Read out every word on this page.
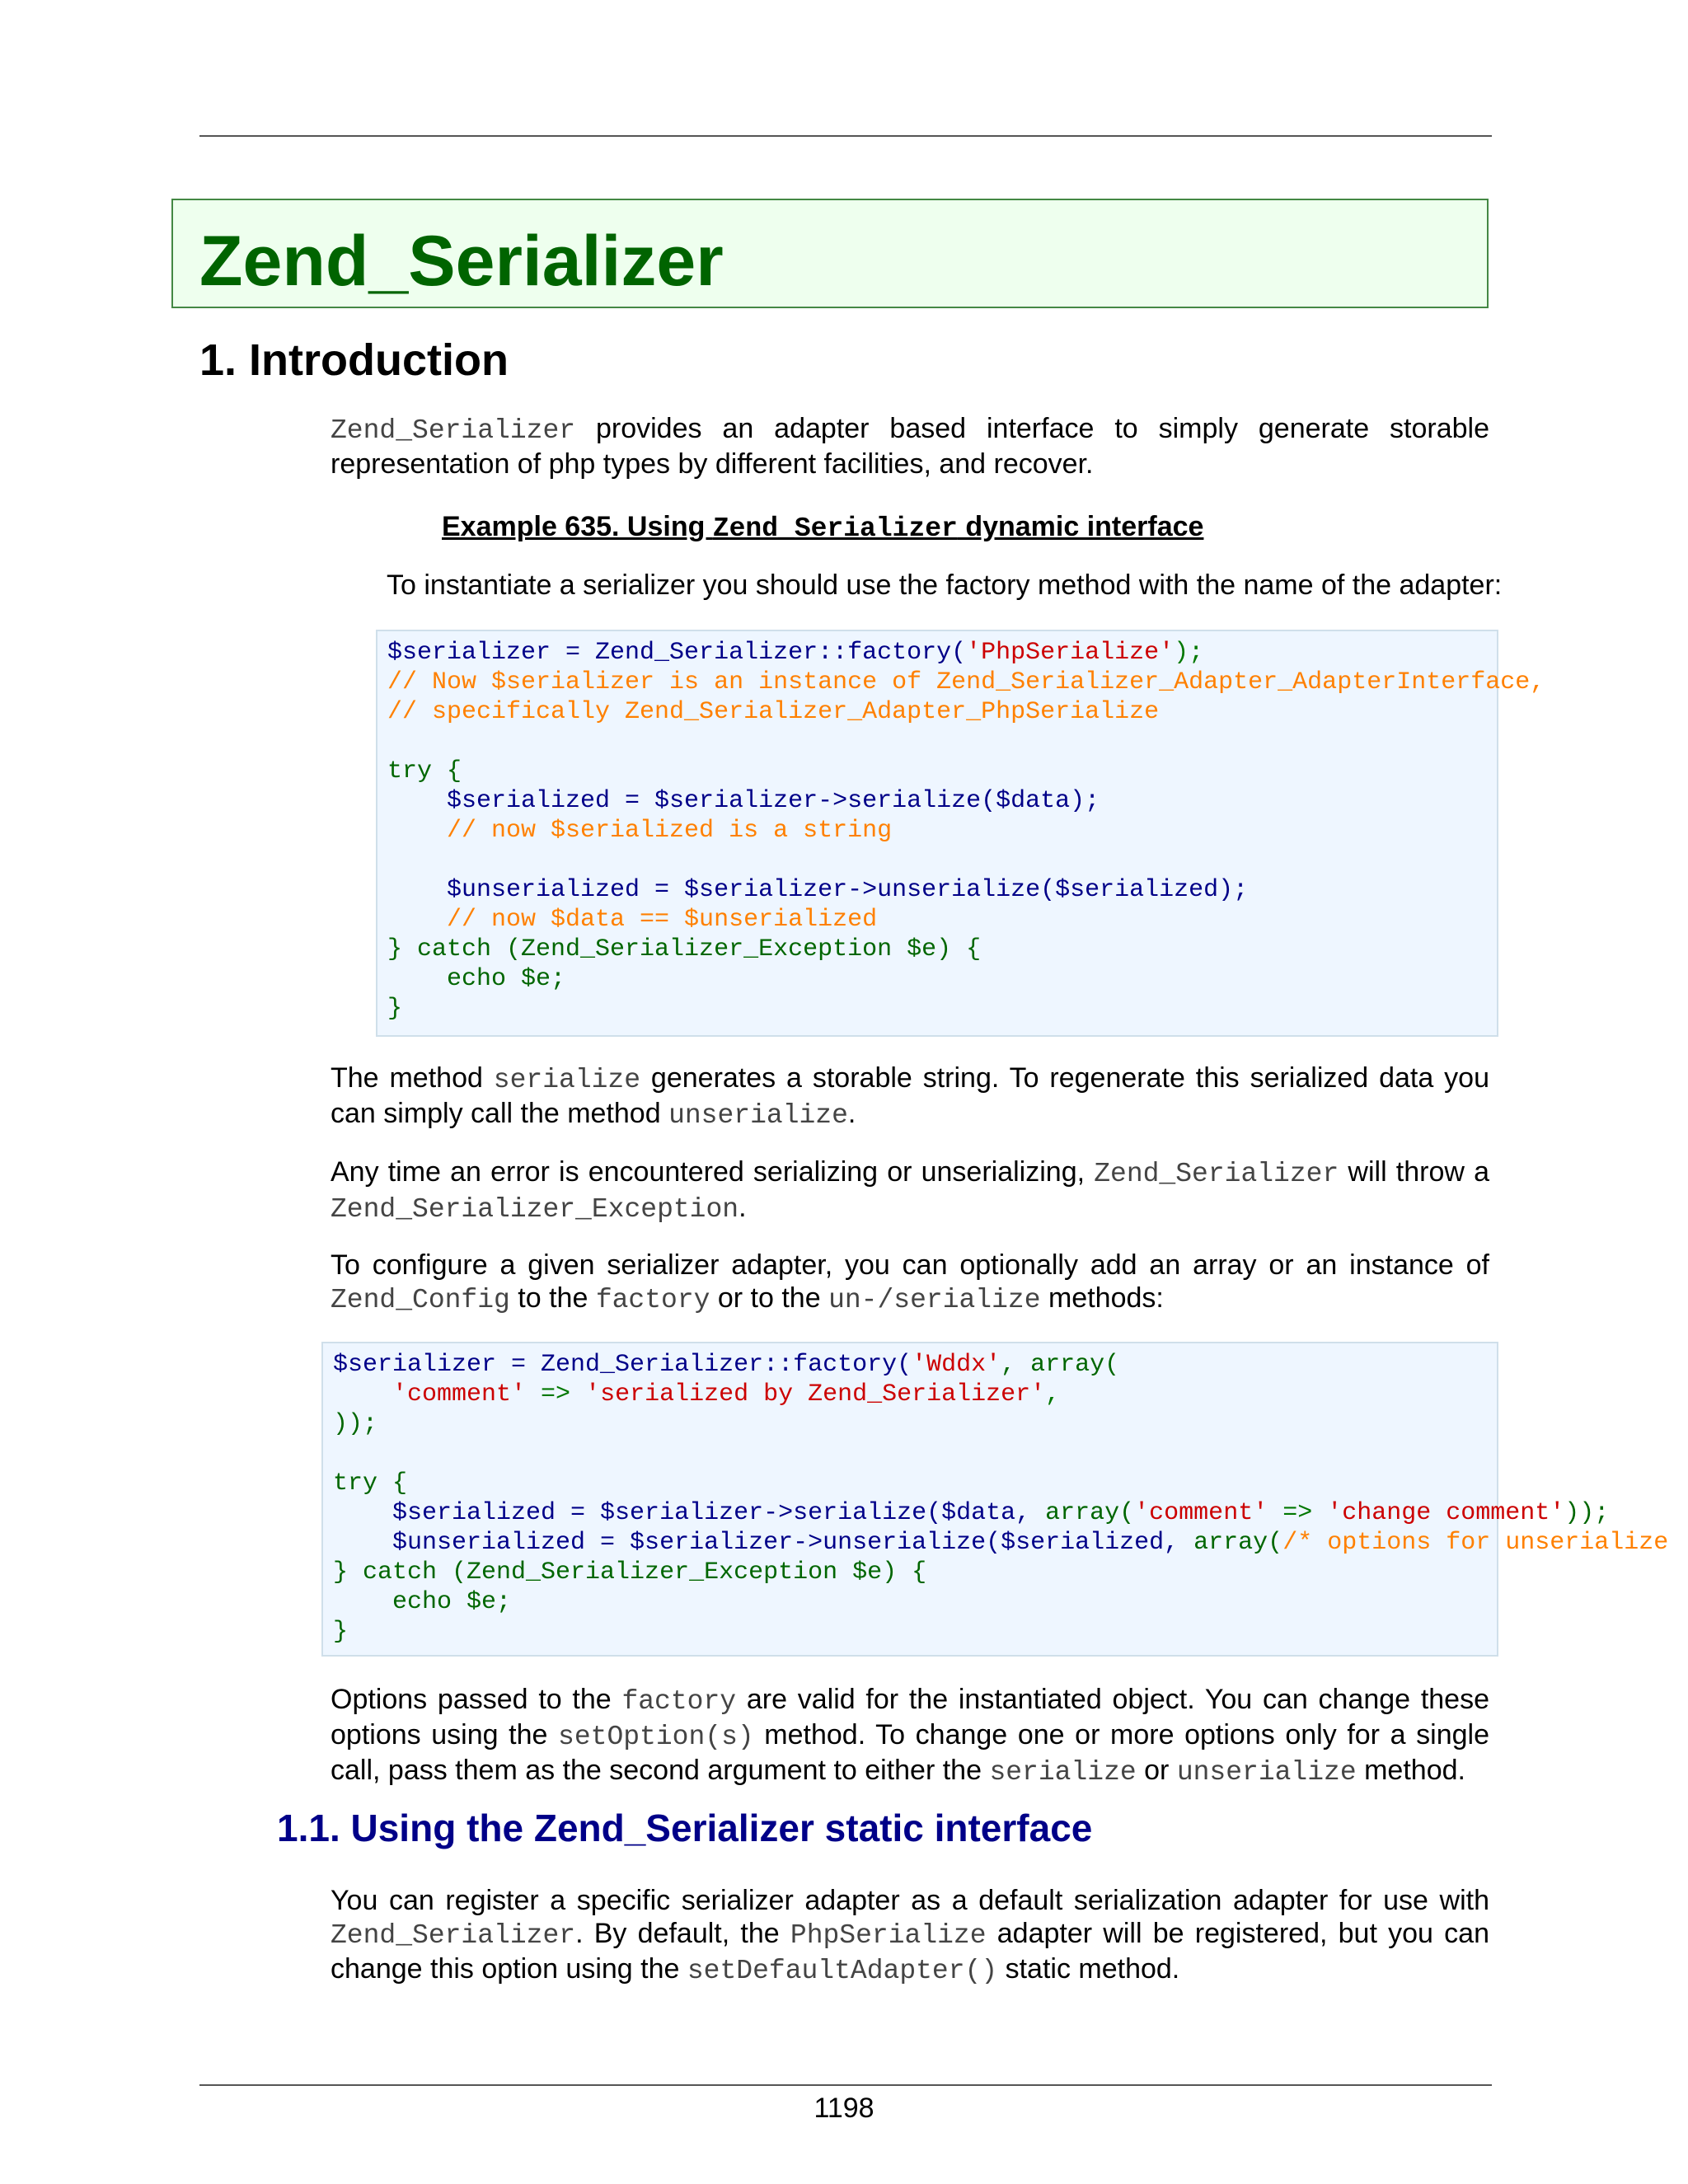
Zend_Serializer
1. Introduction

Zend_Serializer provides an adapter based interface to simply generate storable representation of php types by different facilities, and recover.

Example 635. Using Zend_Serializer dynamic interface

To instantiate a serializer you should use the factory method with the name of the adapter:

$serializer = Zend_Serializer::factory('PhpSerialize');
// Now $serializer is an instance of Zend_Serializer_Adapter_AdapterInterface,
// specifically Zend_Serializer_Adapter_PhpSerialize

try {
$serialized = $serializer->serialize($data);
// now $serialized is a string

$unserialized = $serializer->unserialize($serialized);
// now $data == $unserialized
} catch (Zend_Serializer_Exception $e) {
echo $e;
}

The method serialize generates a storable string. To regenerate this serialized data you can simply call the method unserialize.

Any time an error is encountered serializing or unserializing, Zend_Serializer will throw a Zend_Serializer_Exception.

To configure a given serializer adapter, you can optionally add an array or an instance of Zend_Config to the factory or to the un-/serialize methods:

$serializer = Zend_Serializer::factory('Wddx', array(
'comment' => 'serialized by Zend_Serializer',
));

try {
$serialized = $serializer->serialize($data, array('comment' => 'change comment'));
$unserialized = $serializer->unserialize($serialized, array(/* options for unserialize
} catch (Zend_Serializer_Exception $e) {
echo $e;
}

Options passed to the factory are valid for the instantiated object. You can change these options using the setOption(s) method. To change one or more options only for a single call, pass them as the second argument to either the serialize or unserialize method.

1.1. Using the Zend_Serializer static interface

You can register a specific serializer adapter as a default serialization adapter for use with Zend_Serializer. By default, the PhpSerialize adapter will be registered, but you can change this option using the setDefaultAdapter() static method.

1198
